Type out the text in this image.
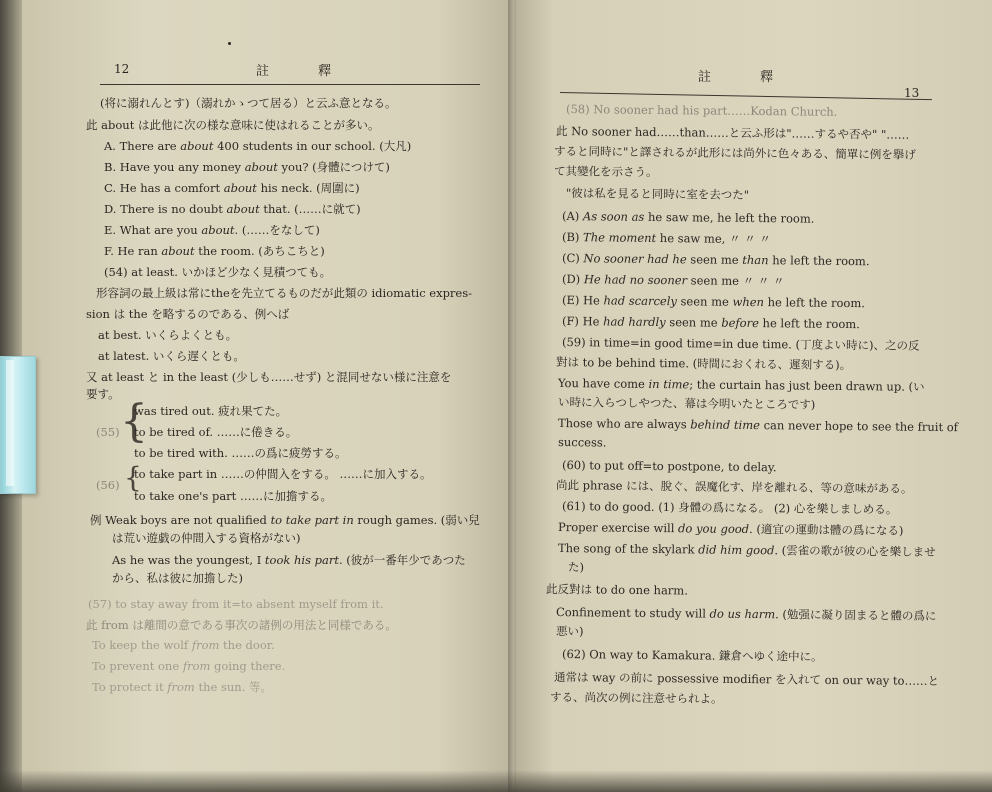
12	註　釋	註　釋
13
{
{
(将に溺れんとす)（溺れかゝつて居る）と云ふ意となる。
此 about は此他に次の様な意味に使はれることが多い。
A. There are about 400 students in our school. (大凡)
B. Have you any money about you? (身體につけて)
C. He has a comfort about his neck. (周圍に)
D. There is no doubt about that. (……に就て)
E. What are you about. (……をなして)
F. He ran about the room. (あちこちと)
(54) at least. いかほど少なく見積つても。
形容詞の最上級は常にtheを先立てるものだが此類の idiomatic expres-
sion は the を略するのである、例へば
at best. いくらよくとも。
at latest. いくら遅くとも。
又 at least と in the least (少しも……せず) と混同せない様に注意を
要す。
(55)
was tired out. 疲れ果てた。
to be tired of. ……に倦きる。
to be tired with. ……の爲に疲勞する。
(56)
to take part in ……の仲間入をする。 ……に加入する。
to take one's part ……に加擔する。
例 Weak boys are not qualified to take part in rough games. (弱い兒
は荒い遊戯の仲間入する資格がない)
As he was the youngest, I took his part. (彼が一番年少であつた
から、私は彼に加擔した)
(57) to stay away from it=to absent myself from it.
此 from は離間の意である事次の諸例の用法と同様である。
To keep the wolf from the door.
To prevent one from going there.
To protect it from the sun. 等。
(58) No sooner had his part……Kodan Church.
此 No sooner had……than……と云ふ形は"……するや否や" "……
すると同時に"と譯されるが此形には尚外に色々ある、簡單に例を擧げ
て其變化を示さう。
"彼は私を見ると同時に室を去つた"
(A) As soon as he saw me, he left the room.
(B) The moment he saw me, 〃 〃 〃
(C) No sooner had he seen me than he left the room.
(D) He had no sooner seen me 〃 〃 〃
(E) He had scarcely seen me when he left the room.
(F) He had hardly seen me before he left the room.
(59) in time=in good time=in due time. (丁度よい時に)、之の反
對は to be behind time. (時間におくれる、遲刻する)。
You have come in time; the curtain has just been drawn up. (い
い時に入らつしやつた、幕は今明いたところです)
Those who are always behind time can never hope to see the fruit of
success.
(60) to put off=to postpone, to delay.
尚此 phrase には、脫ぐ、誤魔化す、岸を離れる、等の意味がある。
(61) to do good. (1) 身體の爲になる。 (2) 心を樂しましめる。
Proper exercise will do you good. (適宜の運動は體の爲になる)
The song of the skylark did him good. (雲雀の歌が彼の心を樂しませ
た)
此反對は to do one harm.
Confinement to study will do us harm. (勉强に凝り固まると體の爲に
悪い)
(62) On way to Kamakura. 鎌倉へゆく途中に。
通常は way の前に possessive modifier を入れて on our way to……と
する、尚次の例に注意せられよ。
